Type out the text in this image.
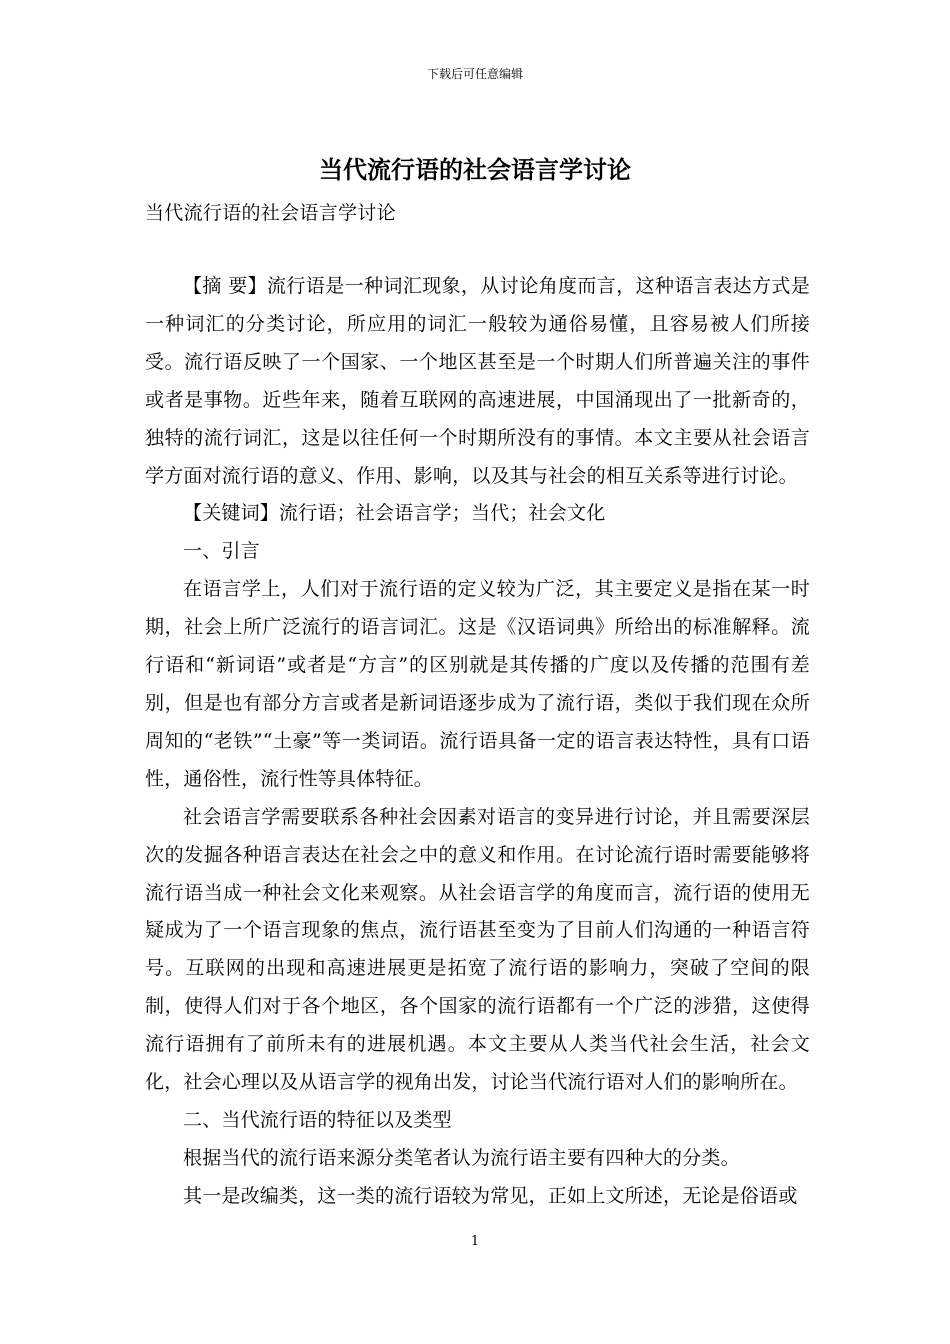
下载后可任意编辑
当代流行语的社会语言学讨论
当代流行语的社会语言学讨论

【摘 要】流行语是一种词汇现象，从讨论角度而言，这种语言表达方式是一种词汇的分类讨论，所应用的词汇一般较为通俗易懂，且容易被人们所接受。流行语反映了一个国家、一个地区甚至是一个时期人们所普遍关注的事件或者是事物。近些年来，随着互联网的高速进展，中国涌现出了一批新奇的，独特的流行词汇，这是以往任何一个时期所没有的事情。本文主要从社会语言学方面对流行语的意义、作用、影响，以及其与社会的相互关系等进行讨论。

【关键词】流行语；社会语言学；当代；社会文化

一、引言

在语言学上，人们对于流行语的定义较为广泛，其主要定义是指在某一时期，社会上所广泛流行的语言词汇。这是《汉语词典》所给出的标准解释。流行语和“新词语”或者是“方言”的区别就是其传播的广度以及传播的范围有差别，但是也有部分方言或者是新词语逐步成为了流行语，类似于我们现在众所周知的“老铁”“土豪”等一类词语。流行语具备一定的语言表达特性，具有口语性，通俗性，流行性等具体特征。

社会语言学需要联系各种社会因素对语言的变异进行讨论，并且需要深层次的发掘各种语言表达在社会之中的意义和作用。在讨论流行语时需要能够将流行语当成一种社会文化来观察。从社会语言学的角度而言，流行语的使用无疑成为了一个语言现象的焦点，流行语甚至变为了目前人们沟通的一种语言符号。互联网的出现和高速进展更是拓宽了流行语的影响力，突破了空间的限制，使得人们对于各个地区，各个国家的流行语都有一个广泛的涉猎，这使得流行语拥有了前所未有的进展机遇。本文主要从人类当代社会生活，社会文化，社会心理以及从语言学的视角出发，讨论当代流行语对人们的影响所在。

二、当代流行语的特征以及类型

根据当代的流行语来源分类笔者认为流行语主要有四种大的分类。

其一是改编类，这一类的流行语较为常见，正如上文所述，无论是俗语或

1
